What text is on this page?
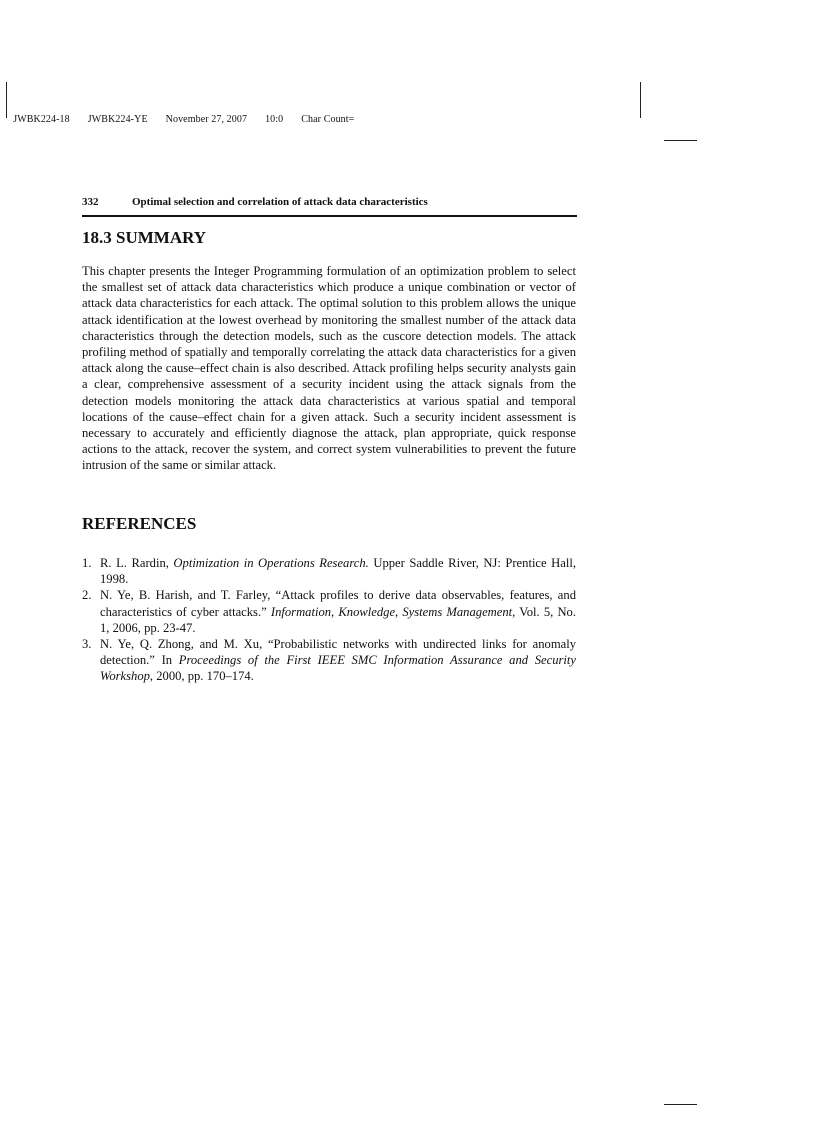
JWBK224-18 JWBK224-YE November 27, 2007 10:0 Char Count=

332	Optimal selection and correlation of attack data characteristics
18.3 SUMMARY

This chapter presents the Integer Programming formulation of an optimization problem to select the smallest set of attack data characteristics which produce a unique combination or vector of attack data characteristics for each attack. The optimal solution to this problem allows the unique attack identification at the lowest overhead by monitoring the smallest number of the attack data characteristics through the detection models, such as the cuscore detection models. The attack profiling method of spatially and temporally correlating the attack data characteristics for a given attack along the cause–effect chain is also described. Attack profiling helps security analysts gain a clear, comprehensive assessment of a security incident using the attack signals from the detection models monitoring the attack data characteristics at various spatial and temporal locations of the cause–effect chain for a given attack. Such a security incident assessment is necessary to accurately and efficiently diagnose the attack, plan appropriate, quick response actions to the attack, recover the system, and correct system vulnerabilities to prevent the future intrusion of the same or similar attack.

REFERENCES
1. R. L. Rardin, Optimization in Operations Research. Upper Saddle River, NJ: Prentice Hall, 1998.
2. N. Ye, B. Harish, and T. Farley, “Attack profiles to derive data observables, features, and characteristics of cyber attacks.” Information, Knowledge, Systems Management, Vol. 5, No. 1, 2006, pp. 23-47.
3. N. Ye, Q. Zhong, and M. Xu, “Probabilistic networks with undirected links for anomaly detection.” In Proceedings of the First IEEE SMC Information Assurance and Security Workshop, 2000, pp. 170–174.
